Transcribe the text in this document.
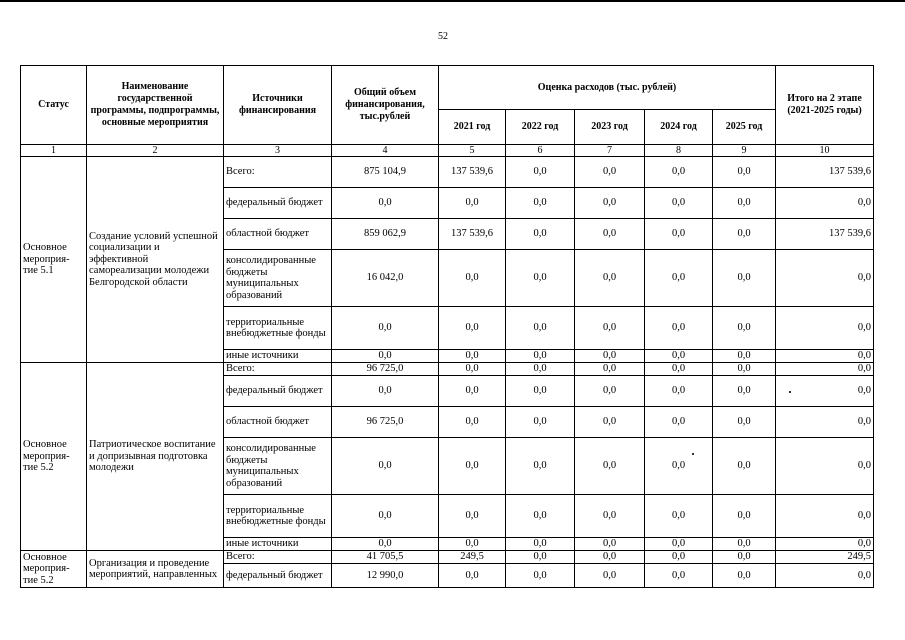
52
Статус	Наименование государственной программы, подпрограммы, основные мероприятия	Источники финансирования	Общий объем финансирования, тыс.рублей	Оценка расходов (тыс. рублей)					Итого на 2 этапе (2021-2025 годы)
				2021 год	2022 год	2023 год	2024 год	2025 год	
1	2	3	4	5	6	7	8	9	10
Основное мероприя-тие 5.1	Создание условий успешной социализации и эффективной самореализации молодежи Белгородской области	Всего:	875 104,9	137 539,6	0,0	0,0	0,0	0,0	137 539,6
		федеральный бюджет	0,0	0,0	0,0	0,0	0,0	0,0	0,0
		областной бюджет	859 062,9	137 539,6	0,0	0,0	0,0	0,0	137 539,6
		консолидированные бюджеты муниципальных образований	16 042,0	0,0	0,0	0,0	0,0	0,0	0,0
		территориальные внебюджетные фонды	0,0	0,0	0,0	0,0	0,0	0,0	0,0
		иные источники	0,0	0,0	0,0	0,0	0,0	0,0	0,0
Основное мероприя-тие 5.2	Патриотическое воспитание и допризывная подготовка молодежи	Всего:	96 725,0	0,0	0,0	0,0	0,0	0,0	0,0
		федеральный бюджет	0,0	0,0	0,0	0,0	0,0	0,0	0,0
		областной бюджет	96 725,0	0,0	0,0	0,0	0,0	0,0	0,0
		консолидированные бюджеты муниципальных образований	0,0	0,0	0,0	0,0	0,0	0,0	0,0
		территориальные внебюджетные фонды	0,0	0,0	0,0	0,0	0,0	0,0	0,0
		иные источники	0,0	0,0	0,0	0,0	0,0	0,0	0,0
Основное мероприя-тие 5.2	Организация и проведение мероприятий, направленных	Всего:	41 705,5	249,5	0,0	0,0	0,0	0,0	249,5
		федеральный бюджет	12 990,0	0,0	0,0	0,0	0,0	0,0	0,0
